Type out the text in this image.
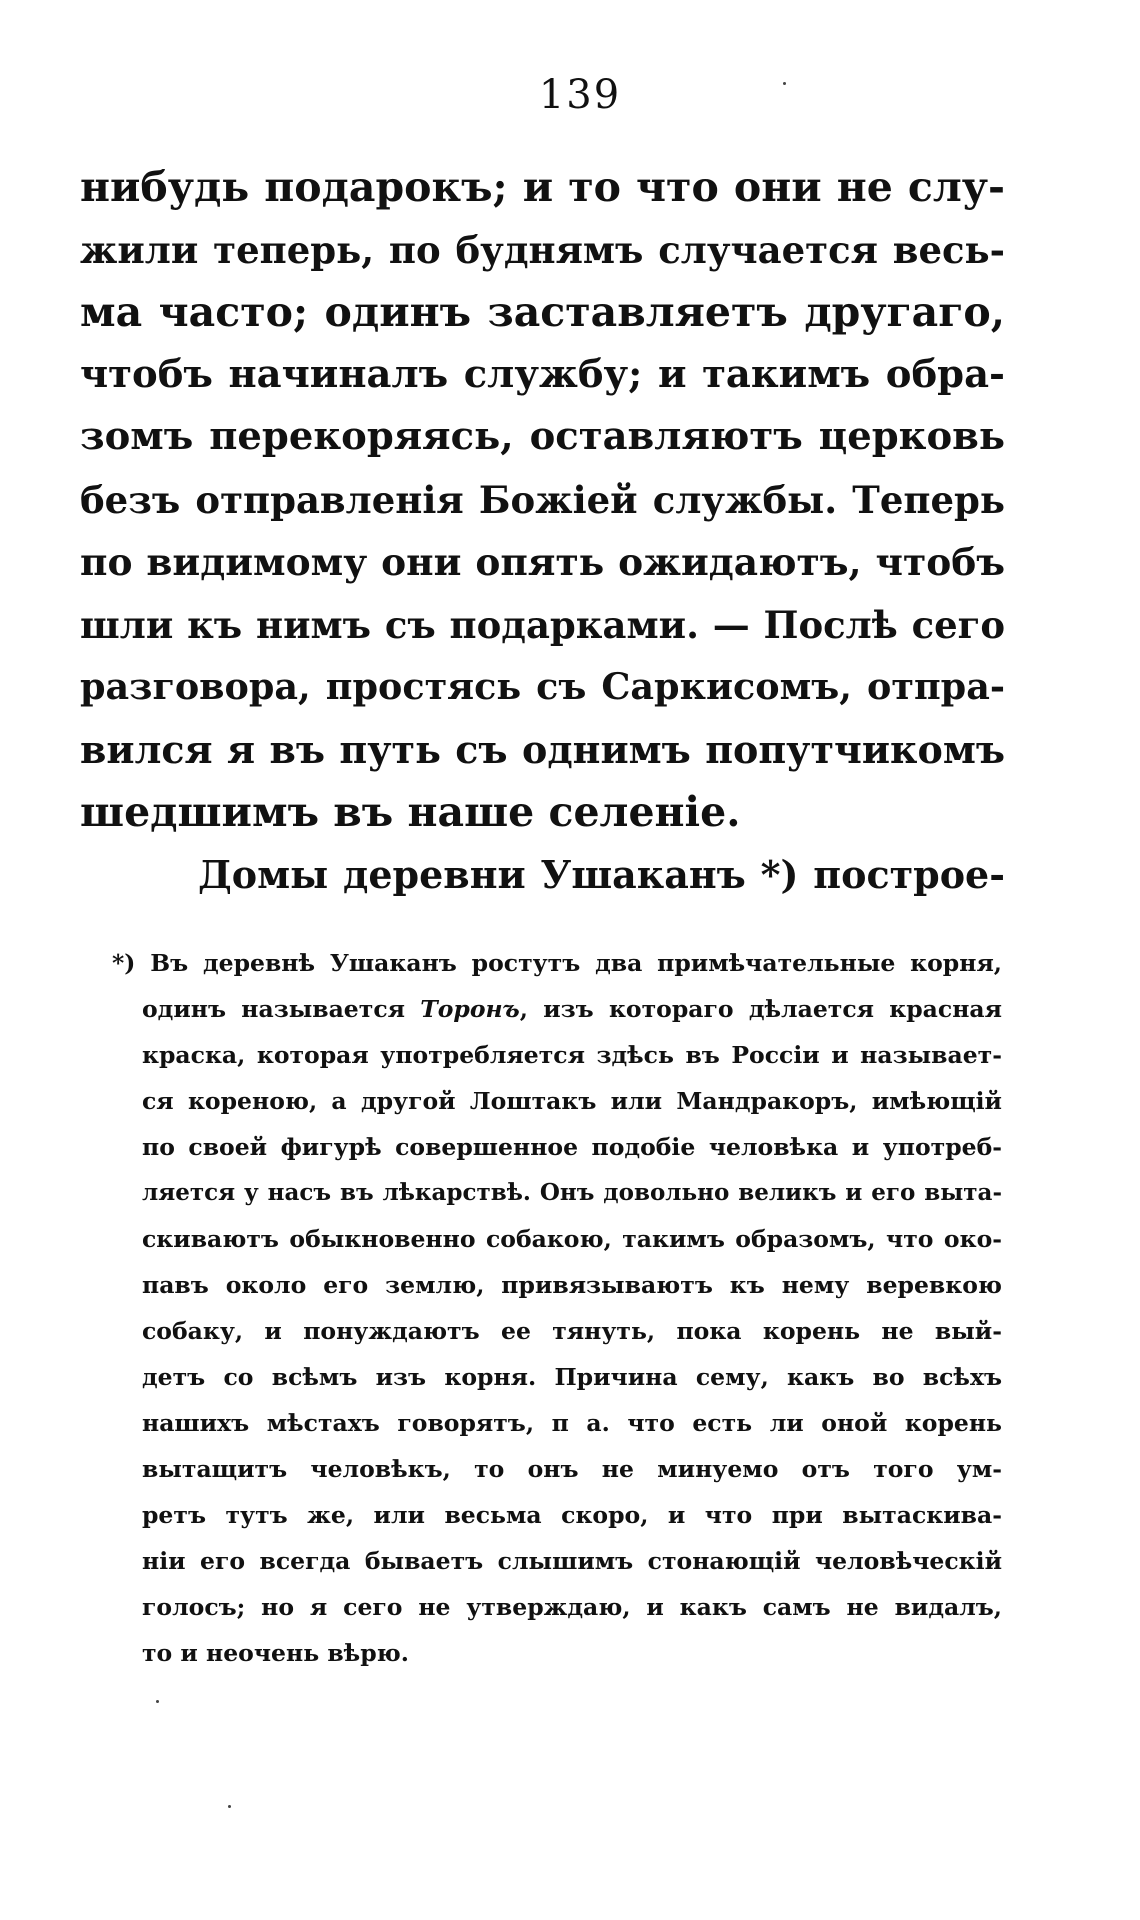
139
нибудь подарокъ; и то что они не слу-
жили теперь, по буднямъ случается весь-
ма часто; одинъ заставляетъ другаго,
чтобъ начиналъ службу; и такимъ обра-
зомъ перекоряясь, оставляютъ церковь
безъ отправленія Божіей службы. Теперь
по видимому они опять ожидаютъ, чтобъ
шли къ нимъ съ подарками. — Послѣ сего
разговора, простясь съ Саркисомъ, отпра-
вился я въ путь съ однимъ попутчикомъ
шедшимъ въ наше селеніе.
Домы деревни Ушаканъ *) построе-
*) Въ деревнѣ Ушаканъ ростутъ два примѣчательные корня,
одинъ называется Торонъ, изъ котораго дѣлается красная
краска, которая употребляется здѣсь въ Россіи и называет-
ся кореною, а другой Лоштакъ или Мандракоръ, имѣющій
по своей фигурѣ совершенное подобіе человѣка и употреб-
ляется у насъ въ лѣкарствѣ. Онъ довольно великъ и его выта-
скиваютъ обыкновенно собакою, такимъ образомъ, что око-
павъ около его землю, привязываютъ къ нему веревкою
собаку, и понуждаютъ ее тянуть, пока корень не вый-
детъ со всѣмъ изъ корня. Причина сему, какъ во всѣхъ
нашихъ мѣстахъ говорятъ, п а. что есть ли оной корень
вытащитъ человѣкъ, то онъ не минуемо отъ того ум-
ретъ тутъ же, или весьма скоро, и что при вытаскива-
ніи его всегда бываетъ слышимъ стонающій человѣческій
голосъ; но я сего не утверждаю, и какъ самъ не видалъ,
то и неочень вѣрю.
